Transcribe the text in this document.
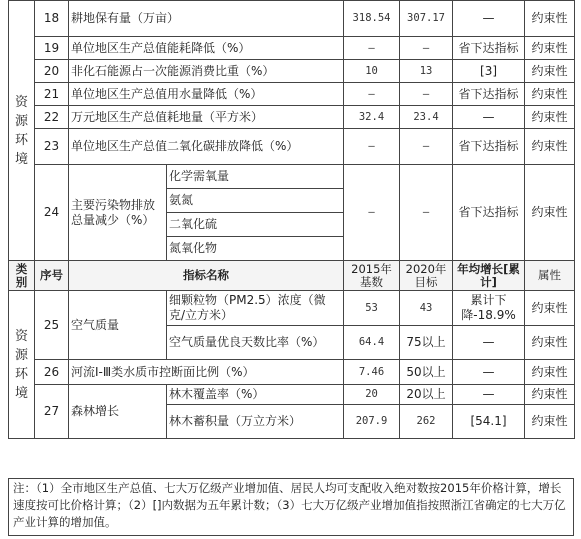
资源环境	18	耕地保有量（万亩）		318.54	307.17	—	约束性
	19	单位地区生产总值能耗降低（%）		—	—	省下达指标	约束性
	20	非化石能源占一次能源消费比重（%）		10	13	[3]	约束性
	21	单位地区生产总值用水量降低（%）		—	—	省下达指标	约束性
	22	万元地区生产总值耗地量（平方米）		32.4	23.4	—	约束性
	23	单位地区生产总值二氧化碳排放降低（%）		—	—	省下达指标	约束性
	24	主要污染物排放总量减少（%）	化学需氧量	—	—	省下达指标	约束性
			氨氮				
			二氧化硫				
			氮氧化物				
类别	序号	指标名称		2015年基数	2020年目标	年均增长[累计]	属性
资源环境	25	空气质量	细颗粒物（PM2.5）浓度（微克/立方米）	53	43	累计下降-18.9%	约束性
			空气质量优良天数比率（%）	64.4	75以上	—	约束性
	26	河流Ⅰ-Ⅲ类水质市控断面比例（%）		7.46	50以上	—	约束性
	27	森林增长	林木覆盖率（%）	20	20以上	—	约束性
			林木蓄积量（万立方米）	207.9	262	[54.1]	约束性
注：（1）全市地区生产总值、七大万亿级产业增加值、居民人均可支配收入绝对数按2015年价格计算，增长速度按可比价格计算；（2）[]内数据为五年累计数；（3）七大万亿级产业增加值指按照浙江省确定的七大万亿产业计算的增加值。
